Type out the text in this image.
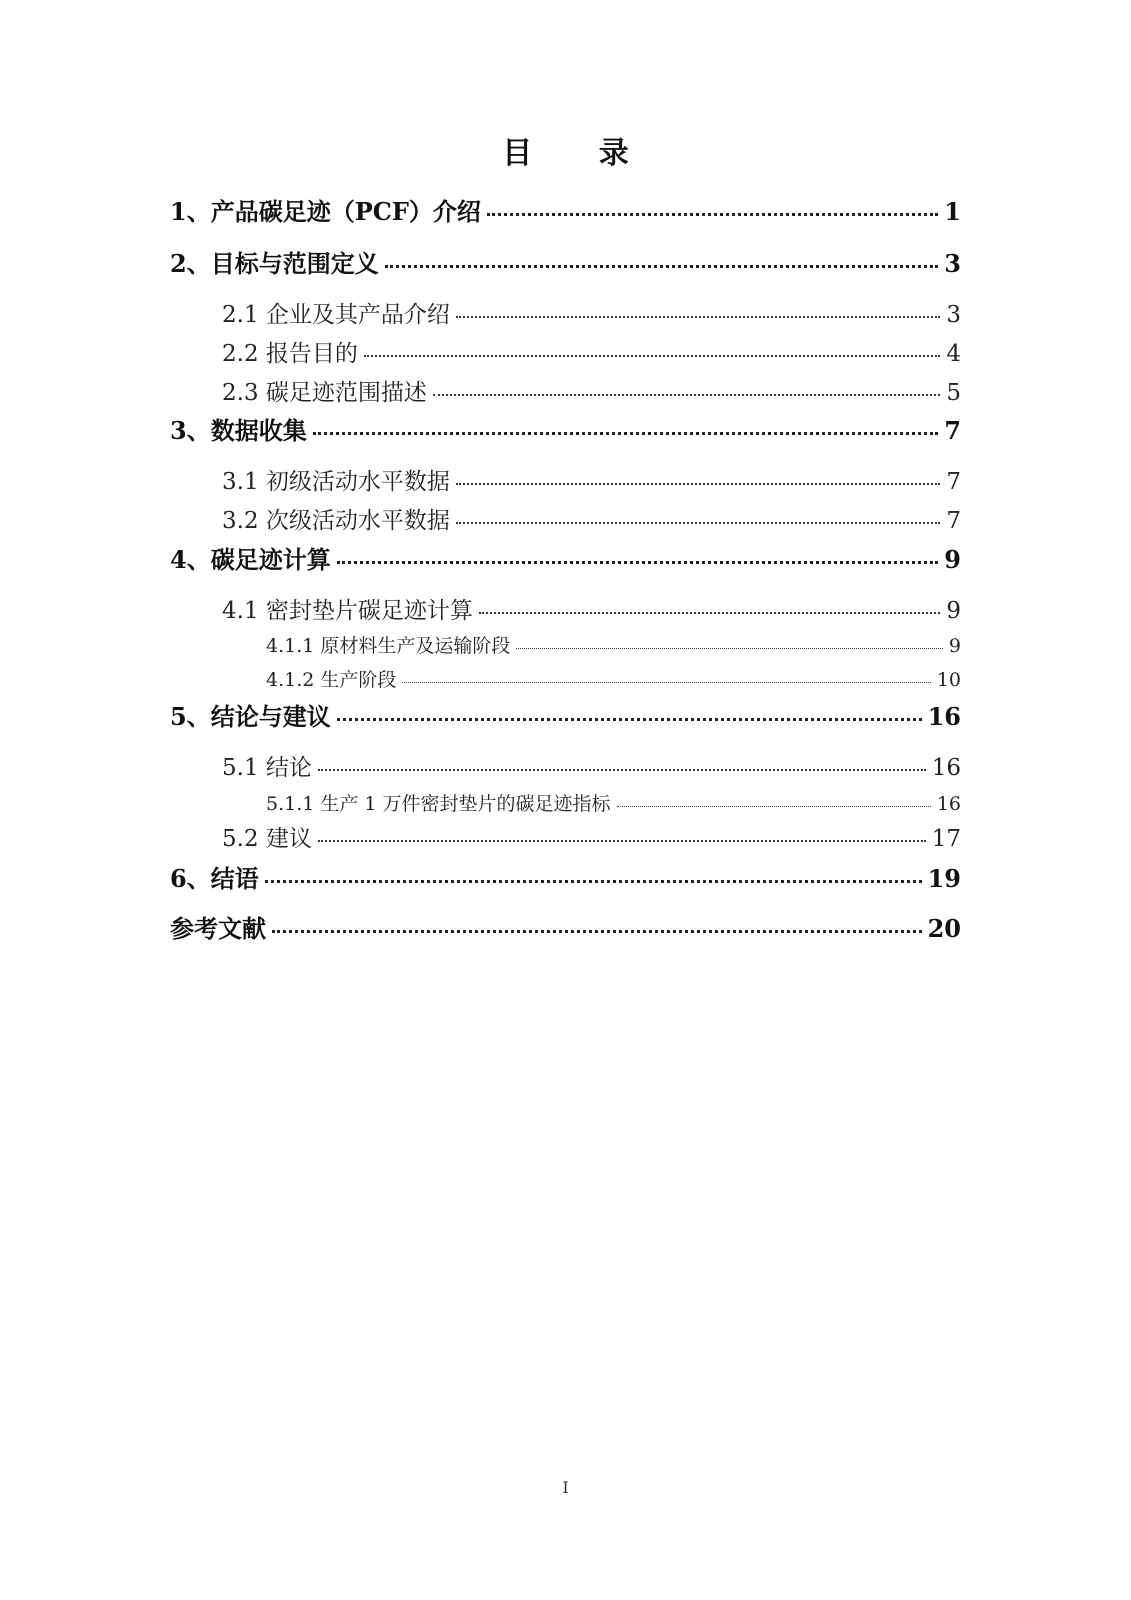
目 录
1、产品碳足迹（PCF）介绍	1
2、目标与范围定义	3
2.1 企业及其产品介绍	3
2.2 报告目的	4
2.3 碳足迹范围描述	5
3、数据收集	7
3.1 初级活动水平数据	7
3.2 次级活动水平数据	7
4、碳足迹计算	9
4.1 密封垫片碳足迹计算	9
4.1.1 原材料生产及运输阶段	9
4.1.2 生产阶段	10
5、结论与建议	16
5.1 结论	16
5.1.1 生产 1 万件密封垫片的碳足迹指标	16
5.2 建议	17
6、结语	19
参考文献	20
I
